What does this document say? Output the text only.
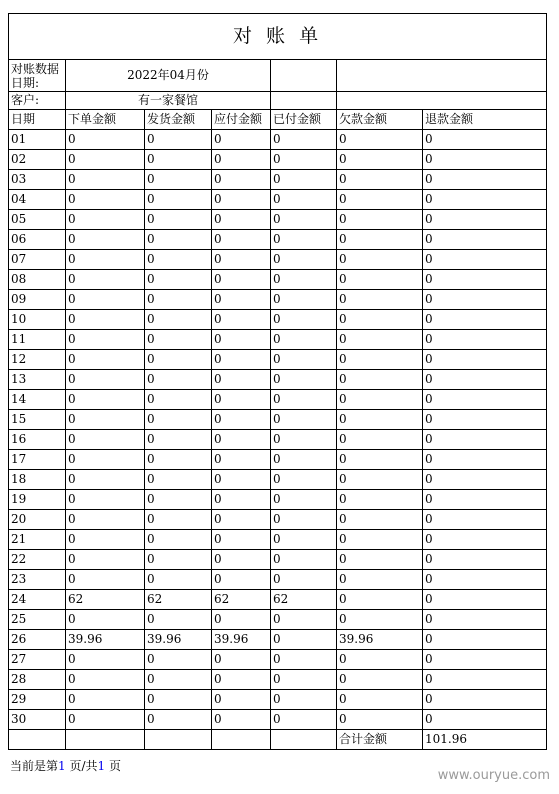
对 账 单						
对账数据日期:	2022年04月份					
客户:	有一家餐馆					
日期	下单金额	发货金额	应付金额	已付金额	欠款金额	退款金额
01	0	0	0	0	0	0
02	0	0	0	0	0	0
03	0	0	0	0	0	0
04	0	0	0	0	0	0
05	0	0	0	0	0	0
06	0	0	0	0	0	0
07	0	0	0	0	0	0
08	0	0	0	0	0	0
09	0	0	0	0	0	0
10	0	0	0	0	0	0
11	0	0	0	0	0	0
12	0	0	0	0	0	0
13	0	0	0	0	0	0
14	0	0	0	0	0	0
15	0	0	0	0	0	0
16	0	0	0	0	0	0
17	0	0	0	0	0	0
18	0	0	0	0	0	0
19	0	0	0	0	0	0
20	0	0	0	0	0	0
21	0	0	0	0	0	0
22	0	0	0	0	0	0
23	0	0	0	0	0	0
24	62	62	62	62	0	0
25	0	0	0	0	0	0
26	39.96	39.96	39.96	0	39.96	0
27	0	0	0	0	0	0
28	0	0	0	0	0	0
29	0	0	0	0	0	0
30	0	0	0	0	0	0
					合计金额	101.96
当前是第1 页/共1 页
www.ouryue.com
